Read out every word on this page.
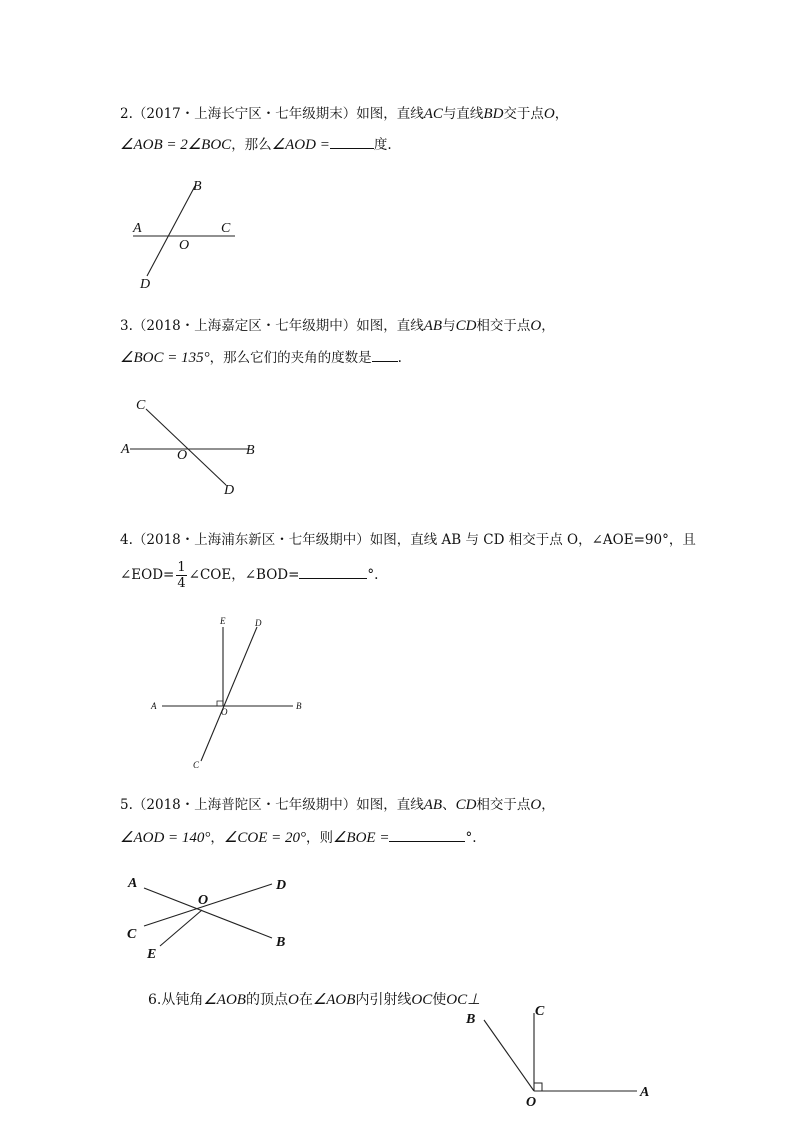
2.（2017・上海长宁区・七年级期末）如图，直线AC与直线BD交于点O，
∠AOB = 2∠BOC，那么∠AOD =	度.
B
A	C
O
D
3.（2018・上海嘉定区・七年级期中）如图，直线AB与CD相交于点O，
∠BOC = 135°，那么它们的夹角的度数是 .
C
A	B
O
D
4.（2018・上海浦东新区・七年级期中）如图，直线 AB 与 CD 相交于点 O，∠AOE=90°，且
∠EOD= $\frac{1}{4}$ ∠COE，∠BOD=	°.
E	D
A	B
O
C
5.（2018・上海普陀区・七年级期中）如图，直线AB、CD相交于点O，
∠AOD = 140°，∠COE = 20°，则∠BOE =	°.
A	D
O
C
B
E
6.从钝角∠AOB的顶点O在∠AOB内引射线OC使OC⊥
B
C
O
A
